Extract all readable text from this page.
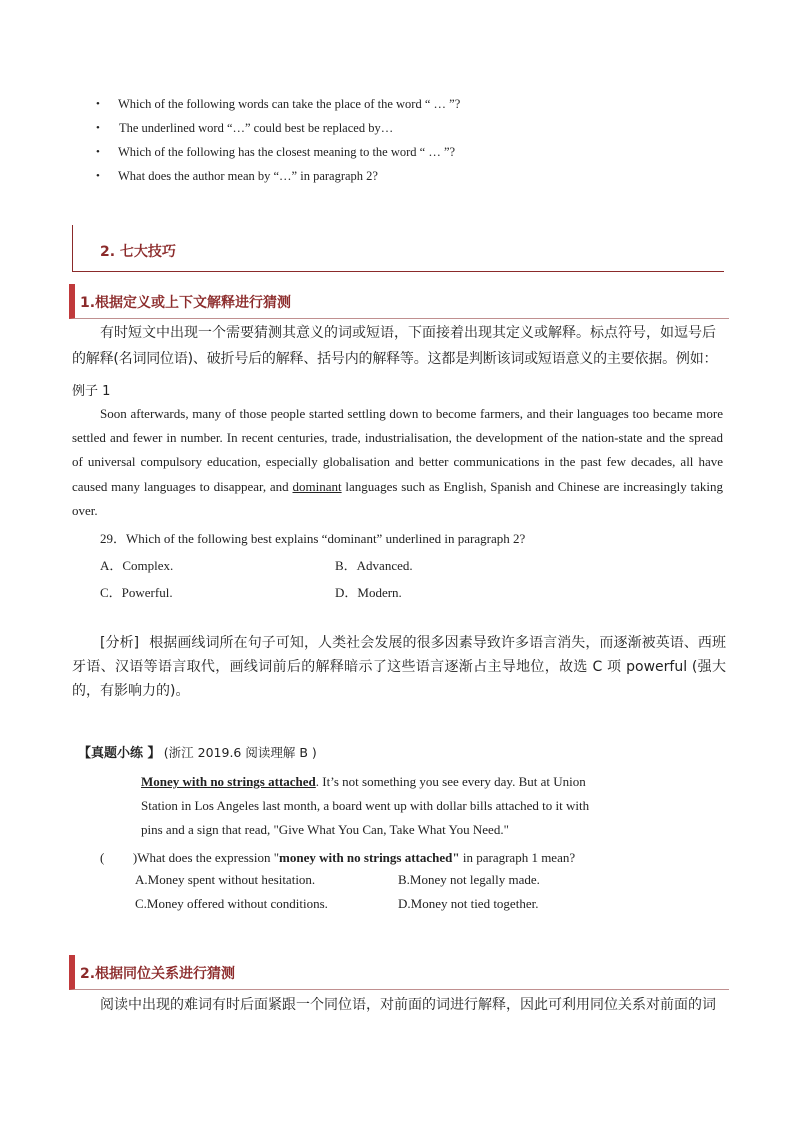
• Which of the following words can take the place of the word “ … ”?
• The underlined word “…” could best be replaced by…
• Which of the following has the closest meaning to the word “ … ”?
• What does the author mean by “…” in paragraph 2?
2. 七大技巧
1.根据定义或上下文解释进行猜测
有时短文中出现一个需要猜测其意义的词或短语，下面接着出现其定义或解释。标点符号，如逗号后
的解释(名词同位语)、破折号后的解释、括号内的解释等。这都是判断该词或短语意义的主要依据。例如：
例子 1
Soon afterwards, many of those people started settling down to become farmers, and their languages too became more settled and fewer in number. In recent centuries, trade, industrialisation, the development of the nation-state and the spread of universal compulsory education, especially globalisation and better communications in the past few decades, all have caused many languages to disappear, and dominant languages such as English, Spanish and Chinese are increasingly taking over.
29．Which of the following best explains “dominant” underlined in paragraph 2?
A．Complex.	B．Advanced.
C．Powerful.	D．Modern.
[分析] 根据画线词所在句子可知，人类社会发展的很多因素导致许多语言消失，而逐渐被英语、西班牙语、汉语等语言取代，画线词前后的解释暗示了这些语言逐渐占主导地位，故选 C 项 powerful (强大的，有影响力的)。
【真题小练 】 (浙江 2019.6 阅读理解 B )
Money with no strings attached. It’s not something you see every day. But at Union
Station in Los Angeles last month, a board went up with dollar bills attached to it with
pins and a sign that read, "Give What You Can, Take What You Need."
(　　 )What does the expression "money with no strings attached" in paragraph 1 mean?
A.Money spent without hesitation.	B.Money not legally made.
C.Money offered without conditions.	D.Money not tied together.
2.根据同位关系进行猜测
阅读中出现的难词有时后面紧跟一个同位语，对前面的词进行解释，因此可利用同位关系对前面的词
